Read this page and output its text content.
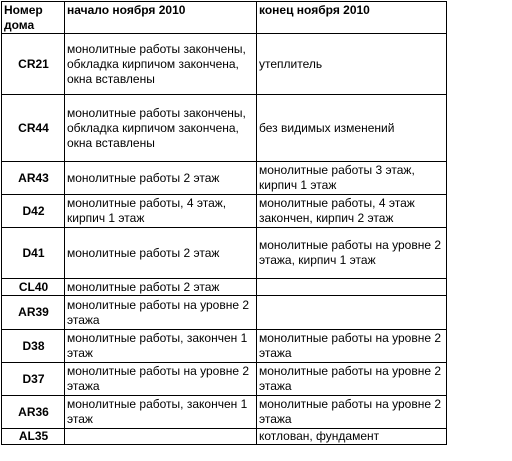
Номер дома	начало ноября 2010	конец ноября 2010
CR21	монолитные работы закончены, обкладка кирпичом закончена, окна вставлены	утеплитель
CR44	монолитные работы закончены, обкладка кирпичом закончена, окна вставлены	без видимых изменений
AR43	монолитные работы 2 этаж	монолитные работы 3 этаж, кирпич 1 этаж
D42	монолитные работы, 4 этаж, кирпич 1 этаж	монолитные работы, 4 этаж закончен, кирпич 2 этаж
D41	монолитные работы 2 этаж	монолитные работы на уровне 2 этажа, кирпич 1 этаж
CL40	монолитные работы 2 этаж	
AR39	монолитные работы на уровне 2 этажа	
D38	монолитные работы, закончен 1 этаж	монолитные работы на уровне 2 этажа
D37	монолитные работы на уровне 2 этажа	монолитные работы на уровне 2 этажа
AR36	монолитные работы, закончен 1 этаж	монолитные работы на уровне 2 этажа
AL35		котлован, фундамент
